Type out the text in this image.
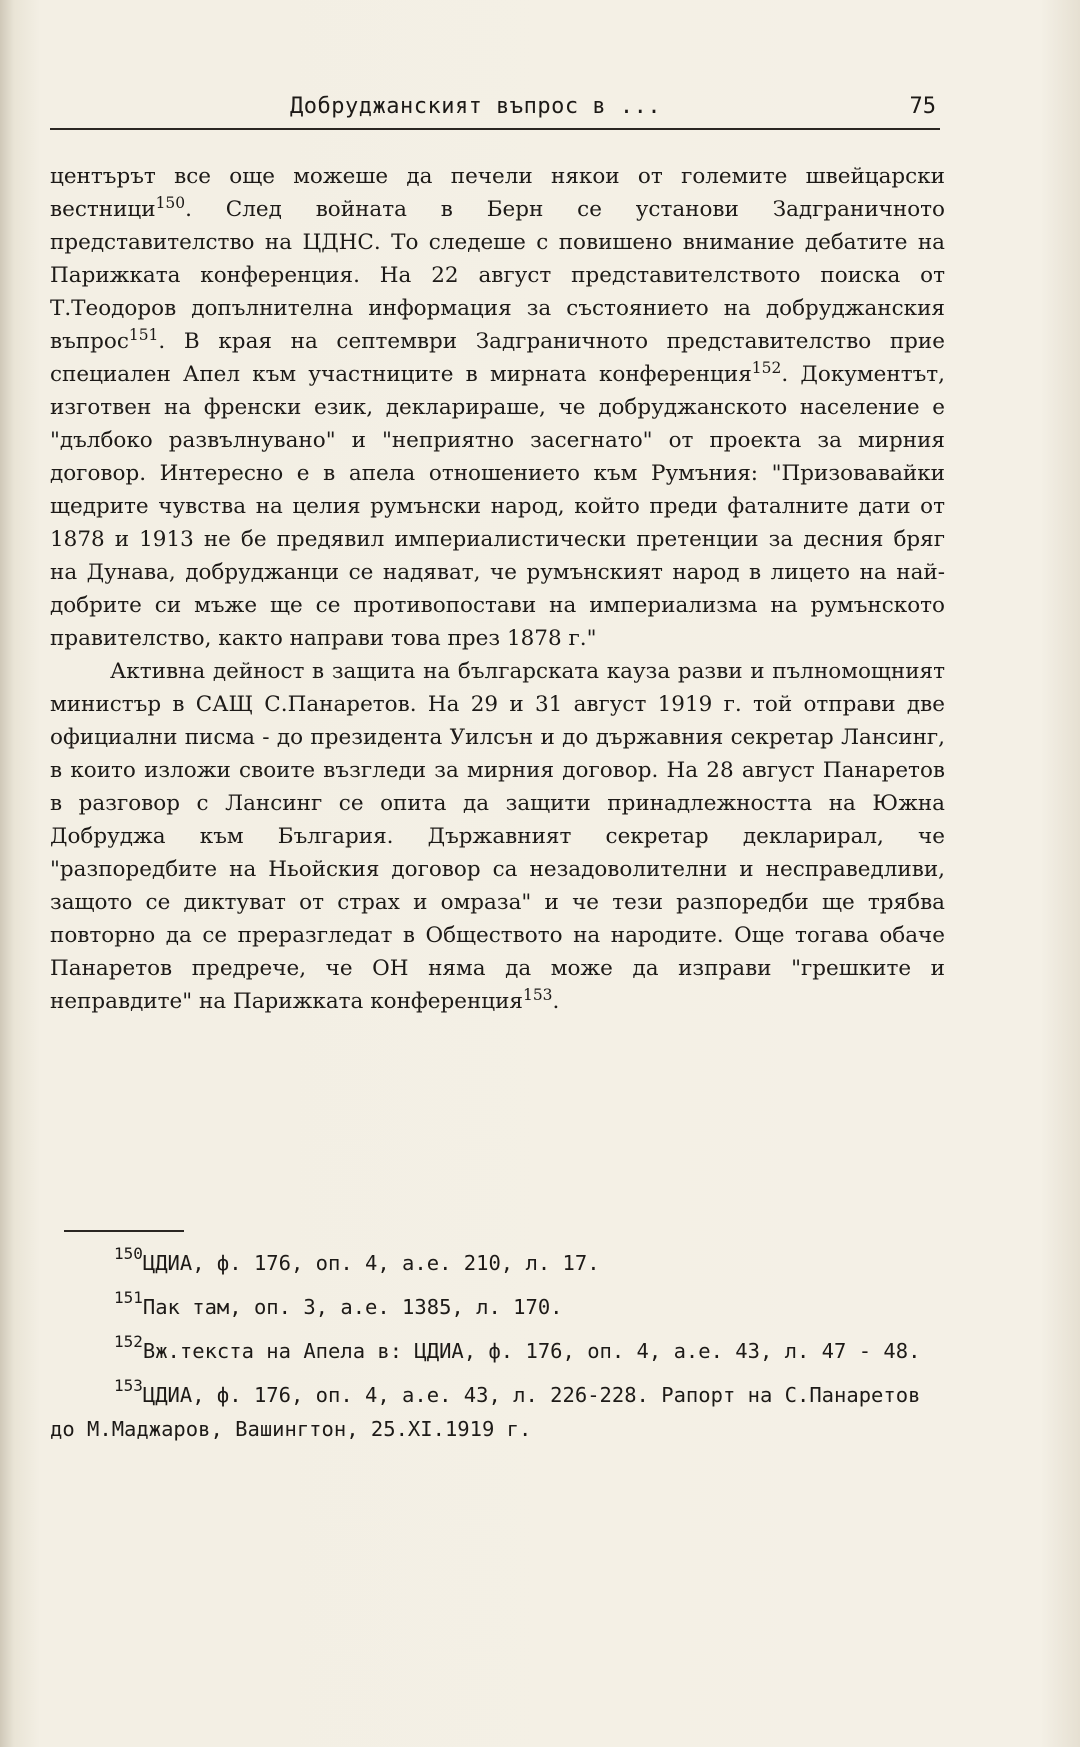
Добруджанският въпрос в ...	75

центърът все още можеше да печели някои от големите швейцарски вестници$^{150}$. След войната в Берн се установи Задграничното представителство на ЦДНС. То следеше с повишено внимание дебатите на Парижката конференция. На 22 август представителството поиска от Т.Теодоров допълнителна информация за състоянието на добруджанския въпрос$^{151}$. В края на септември Задграничното представителство прие специален Апел към участниците в мирната конференция$^{152}$. Документът, изготвен на френски език, декларираше, че добруджанското население е "дълбоко развълнувано" и "неприятно засегнато" от проекта за мирния договор. Интересно е в апела отношението към Румъния: "Призовавайки щедрите чувства на целия румънски народ, който преди фаталните дати от 1878 и 1913 не бе предявил империалистически претенции за десния бряг на Дунава, добруджанци се надяват, че румънският народ в лицето на най-добрите си мъже ще се противопостави на империализма на румънското правителство, както направи това през 1878 г."

Активна дейност в защита на българската кауза разви и пълномощният министър в САЩ С.Панаретов. На 29 и 31 август 1919 г. той отправи две официални писма - до президента Уилсън и до държавния секретар Лансинг, в които изложи своите възгледи за мирния договор. На 28 август Панаретов в разговор с Лансинг се опита да защити принадлежността на Южна Добруджа към България. Държавният секретар декларирал, че "разпоредбите на Ньойския договор са незадоволителни и несправедливи, защото се диктуват от страх и омраза" и че тези разпоредби ще трябва повторно да се преразгледат в Обществото на народите. Още тогава обаче Панаретов предрече, че ОН няма да може да изправи "грешките и неправдите" на Парижката конференция$^{153}$.

$^{150}$ЦДИА, ф. 176, оп. 4, а.е. 210, л. 17.

$^{151}$Пак там, оп. 3, а.е. 1385, л. 170.

$^{152}$Вж.текста на Апела в: ЦДИА, ф. 176, оп. 4, а.е. 43, л. 47 - 48.

$^{153}$ЦДИА, ф. 176, оп. 4, а.е. 43, л. 226-228. Рапорт на С.Панаретов до М.Маджаров, Вашингтон, 25.XI.1919 г.
